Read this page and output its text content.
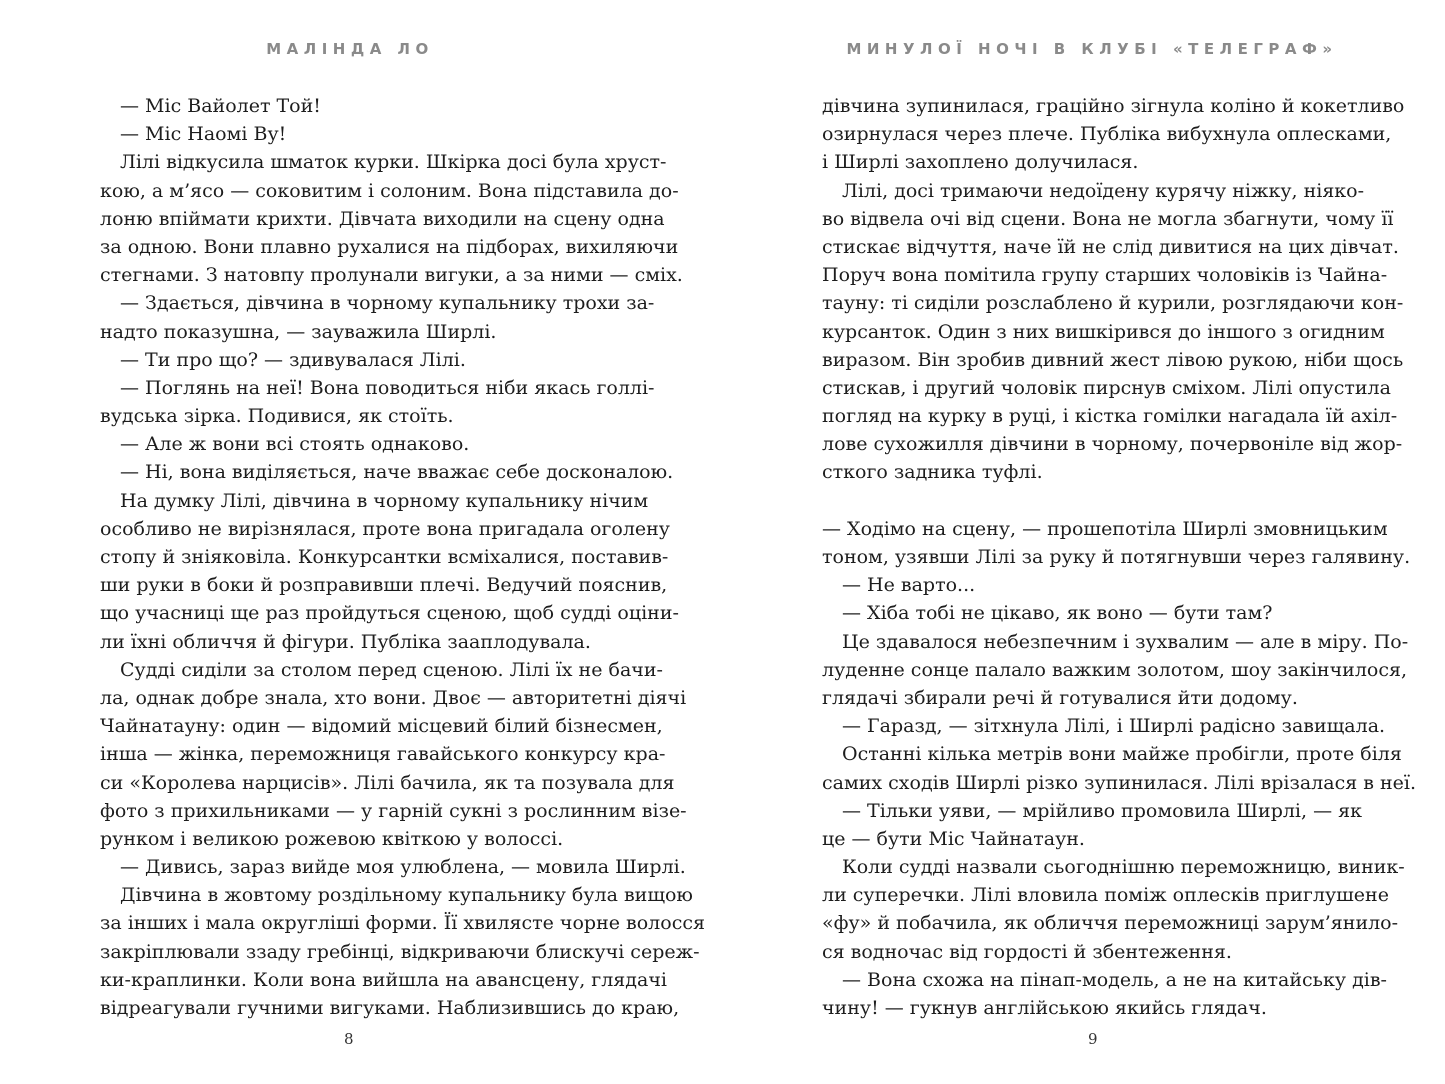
МАЛІНДА ЛО
— Міс Вайолет Той!
— Міс Наомі Ву!
Лілі відкусила шматок курки. Шкірка досі була хруст-
кою, а м’ясо — соковитим і солоним. Вона підставила до-
лоню впіймати крихти. Дівчата виходили на сцену одна
за одною. Вони плавно рухалися на підборах, вихиляючи
стегнами. З натовпу пролунали вигуки, а за ними — сміх.
— Здається, дівчина в чорному купальнику трохи за-
надто показушна, — зауважила Ширлі.
— Ти про що? — здивувалася Лілі.
— Поглянь на неї! Вона поводиться ніби якась голлі-
вудська зірка. Подивися, як стоїть.
— Але ж вони всі стоять однаково.
— Ні, вона виділяється, наче вважає себе досконалою.
На думку Лілі, дівчина в чорному купальнику нічим
особливо не вирізнялася, проте вона пригадала оголену
стопу й зніяковіла. Конкурсантки всміхалися, поставив-
ши руки в боки й розправивши плечі. Ведучий пояснив,
що учасниці ще раз пройдуться сценою, щоб судді оціни-
ли їхні обличчя й фігури. Публіка зааплодувала.
Судді сиділи за столом перед сценою. Лілі їх не бачи-
ла, однак добре знала, хто вони. Двоє — авторитетні діячі
Чайнатауну: один — відомий місцевий білий бізнесмен,
інша — жінка, переможниця гавайського конкурсу кра-
си «Королева нарцисів». Лілі бачила, як та позувала для
фото з прихильниками — у гарній сукні з рослинним візе-
рунком і великою рожевою квіткою у волоссі.
— Дивись, зараз вийде моя улюблена, — мовила Ширлі.
Дівчина в жовтому роздільному купальнику була вищою
за інших і мала округліші форми. Її хвилясте чорне волосся
закріплювали ззаду гребінці, відкриваючи блискучі сереж-
ки-краплинки. Коли вона вийшла на авансцену, глядачі
відреагували гучними вигуками. Наблизившись до краю,
8
МИНУЛОЇ НОЧІ В КЛУБІ «ТЕЛЕГРАФ»
дівчина зупинилася, граційно зігнула коліно й кокетливо
озирнулася через плече. Публіка вибухнула оплесками,
і Ширлі захоплено долучилася.
Лілі, досі тримаючи недоїдену курячу ніжку, ніяко-
во відвела очі від сцени. Вона не могла збагнути, чому її
стискає відчуття, наче їй не слід дивитися на цих дівчат.
Поруч вона помітила групу старших чоловіків із Чайна-
тауну: ті сиділи розслаблено й курили, розглядаючи кон-
курсанток. Один з них вишкірився до іншого з огидним
виразом. Він зробив дивний жест лівою рукою, ніби щось
стискав, і другий чоловік пирснув сміхом. Лілі опустила
погляд на курку в руці, і кістка гомілки нагадала їй ахіл-
лове сухожилля дівчини в чорному, почервоніле від жор-
сткого задника туфлі.
— Ходімо на сцену, — прошепотіла Ширлі змовницьким
тоном, узявши Лілі за руку й потягнувши через галявину.
— Не варто...
— Хіба тобі не цікаво, як воно — бути там?
Це здавалося небезпечним і зухвалим — але в міру. По-
луденне сонце палало важким золотом, шоу закінчилося,
глядачі збирали речі й готувалися йти додому.
— Гаразд, — зітхнула Лілі, і Ширлі радісно завищала.
Останні кілька метрів вони майже пробігли, проте біля
самих сходів Ширлі різко зупинилася. Лілі врізалася в неї.
— Тільки уяви, — мрійливо промовила Ширлі, — як
це — бути Міс Чайнатаун.
Коли судді назвали сьогоднішню переможницю, виник-
ли суперечки. Лілі вловила поміж оплесків приглушене
«фу» й побачила, як обличчя переможниці зарум’янило-
ся водночас від гордості й збентеження.
— Вона схожа на пінап-модель, а не на китайську дів-
чину! — гукнув англійською якийсь глядач.
9
